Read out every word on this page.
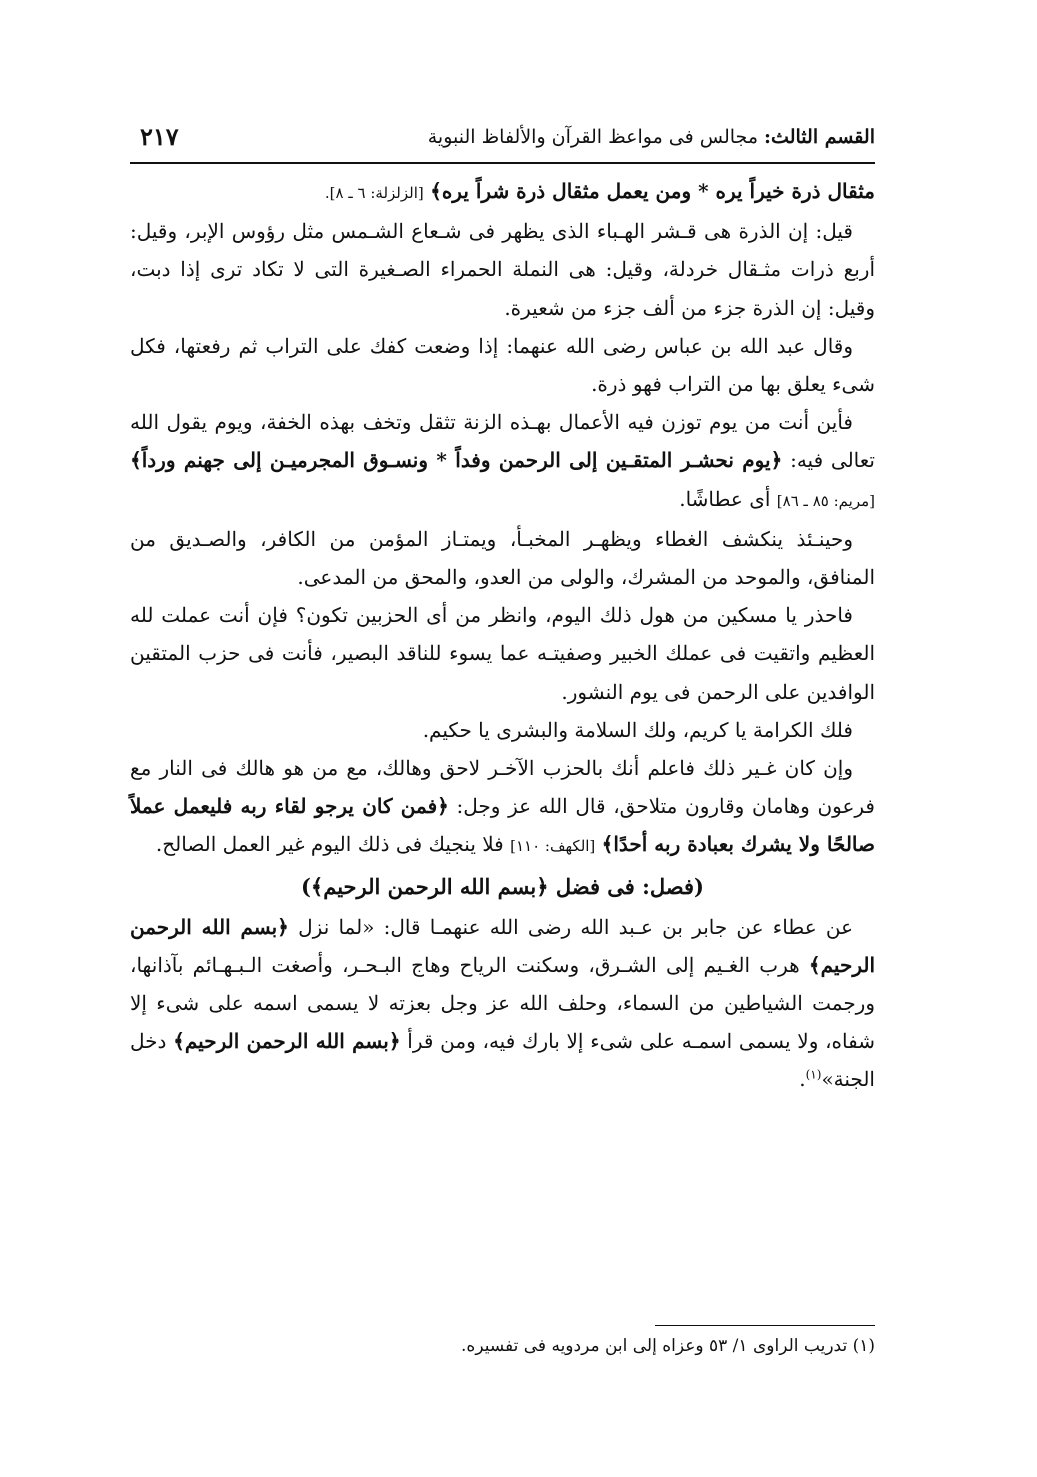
القسم الثالث: مجالس فى مواعظ القرآن والألفاظ النبوية
٢١٧

مثقال ذرة خيراً يره * ومن يعمل مثقال ذرة شراً يره﴾ [الزلزلة: ٦ ـ ٨].

قيل: إن الذرة هى قـشر الهـباء الذى يظهر فى شـعاع الشـمس مثل رؤوس الإبر، وقيل: أربع ذرات مثـقال خردلة، وقيل: هى النملة الحمراء الصـغيرة التى لا تكاد ترى إذا دبت، وقيل: إن الذرة جزء من ألف جزء من شعيرة.

وقال عبد الله بن عباس رضى الله عنهما: إذا وضعت كفك على التراب ثم رفعتها، فكل شىء يعلق بها من التراب فهو ذرة.

فأين أنت من يوم توزن فيه الأعمال بهـذه الزنة تثقل وتخف بهذه الخفة، ويوم يقول الله تعالى فيه: ﴿يوم نحشـر المتقـين إلى الرحمن وفداً * ونسـوق المجرميـن إلى جهنم ورداً﴾ [مريم: ٨٥ ـ ٨٦] أى عطاشًا.

وحينـئذ ينكشف الغطاء ويظهـر المخبـأ، ويمتـاز المؤمن من الكافر، والصـديق من المنافق، والموحد من المشرك، والولى من العدو، والمحق من المدعى.

فاحذر يا مسكين من هول ذلك اليوم، وانظر من أى الحزبين تكون؟ فإن أنت عملت لله العظيم واتقيت فى عملك الخبير وصفيتـه عما يسوء للناقد البصير، فأنت فى حزب المتقين الوافدين على الرحمن فى يوم النشور.

فلك الكرامة يا كريم، ولك السلامة والبشرى يا حكيم.

وإن كان غـير ذلك فاعلم أنك بالحزب الآخـر لاحق وهالك، مع من هو هالك فى النار مع فرعون وهامان وقارون متلاحق، قال الله عز وجل: ﴿فمن كان يرجو لقاء ربه فليعمل عملاً صالحًا ولا يشرك بعبادة ربه أحدًا﴾ [الكهف: ١١٠] فلا ينجيك فى ذلك اليوم غير العمل الصالح.

(فصل: فى فضل ﴿بسم الله الرحمن الرحيم﴾)

عن عطاء عن جابر بن عـبد الله رضى الله عنهمـا قال: «لما نزل ﴿بسم الله الرحمن الرحيم﴾ هرب الغـيم إلى الشـرق، وسكنت الرياح وهاج البـحـر، وأصغت الـبـهـائم بآذانها، ورجمت الشياطين من السماء، وحلف الله عز وجل بعزته لا يسمى اسمه على شىء إلا شفاه، ولا يسمى اسمـه على شىء إلا بارك فيه، ومن قرأ ﴿بسم الله الرحمن الرحيم﴾ دخل الجنة»$^{(١)}$.

(١) تدريب الراوى ١/ ٥٣ وعزاه إلى ابن مردويه فى تفسيره.
